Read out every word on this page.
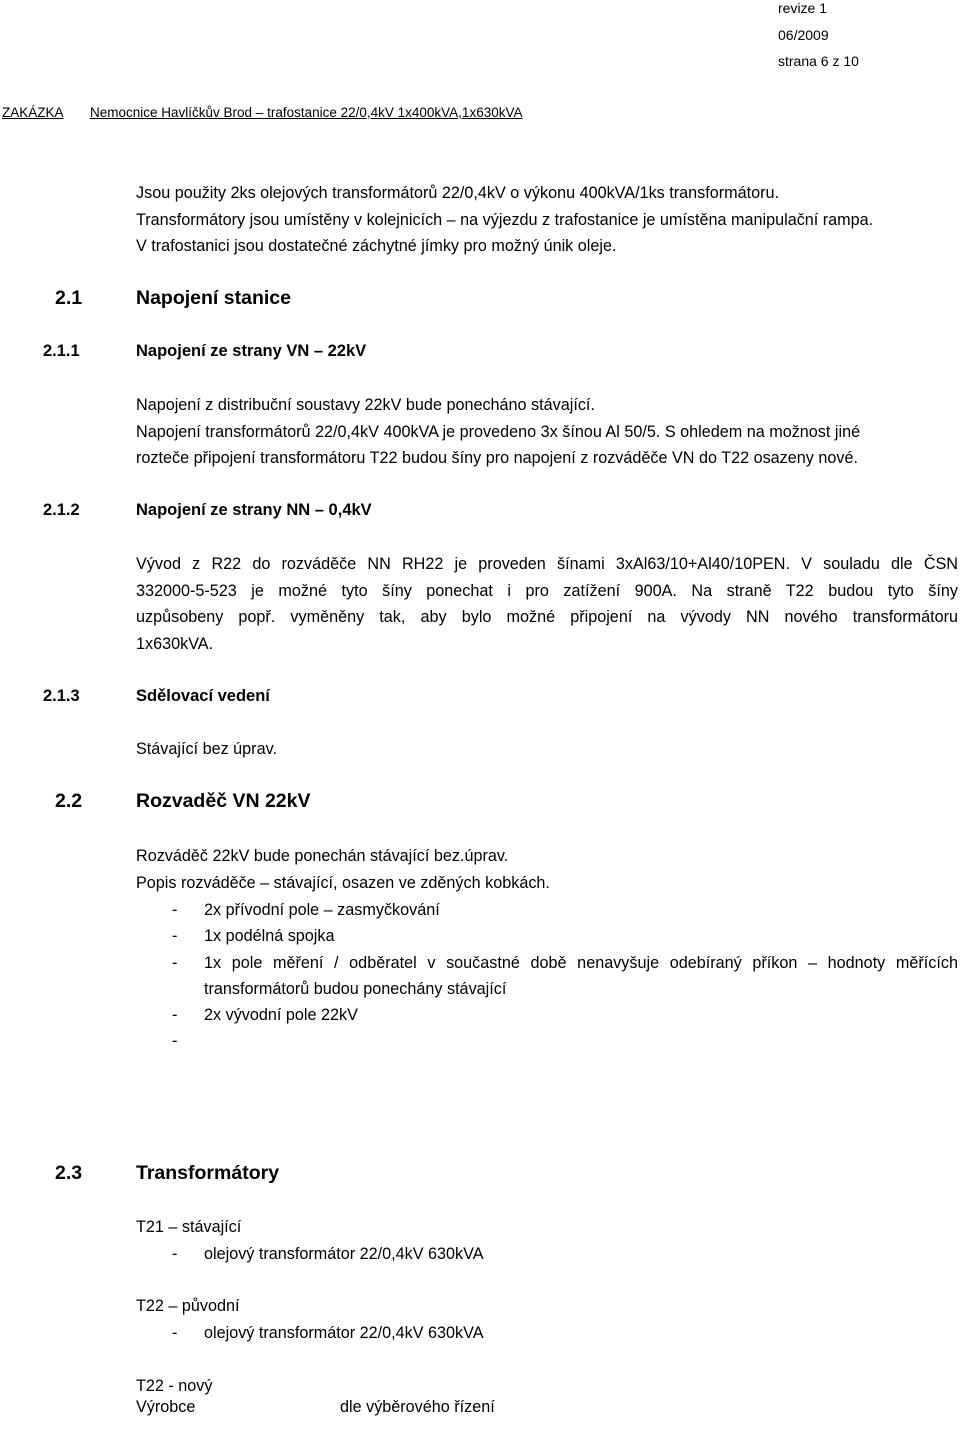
revize 1
06/2009
strana 6 z 10
ZAKÁZKA Nemocnice Havlíčkův Brod – trafostanice 22/0,4kV 1x400kVA,1x630kVA
Jsou použity 2ks olejových transformátorů 22/0,4kV o výkonu 400kVA/1ks transformátoru.
Transformátory jsou umístěny v kolejnicích – na výjezdu z trafostanice je umístěna manipulační rampa.
V trafostanici jsou dostatečné záchytné jímky pro možný únik oleje.
2.1	Napojení stanice
2.1.1	Napojení ze strany VN – 22kV
Napojení z distribuční soustavy 22kV bude ponecháno stávající.
Napojení transformátorů 22/0,4kV 400kVA je provedeno 3x šínou Al 50/5. S ohledem na možnost jiné
rozteče připojení transformátoru T22 budou šíny pro napojení z rozváděče VN do T22 osazeny nové.
2.1.2	Napojení ze strany NN – 0,4kV
Vývod z R22 do rozváděče NN RH22 je proveden šínami 3xAl63/10+Al40/10PEN. V souladu dle ČSN
332000-5-523 je možné tyto šíny ponechat i pro zatížení 900A. Na straně T22 budou tyto šíny
uzpůsobeny popř. vyměněny tak, aby bylo možné připojení na vývody NN nového transformátoru
1x630kVA.
2.1.3	Sdělovací vedení
Stávající bez úprav.
2.2	Rozvaděč VN 22kV
Rozváděč 22kV bude ponechán stávající bez.úprav.
Popis rozváděče – stávající, osazen ve zděných kobkách.
- 2x přívodní pole – zasmyčkování
- 1x podélná spojka
- 1x pole měření / odběratel v součastné době nenavyšuje odebíraný příkon – hodnoty měřících
transformátorů budou ponechány stávající
- 2x vývodní pole 22kV
-
2.3	Transformátory
T21 – stávající
- olejový transformátor 22/0,4kV 630kVA
T22 – původní
- olejový transformátor 22/0,4kV 630kVA
T22 - nový
Výrobce	dle výběrového řízení
